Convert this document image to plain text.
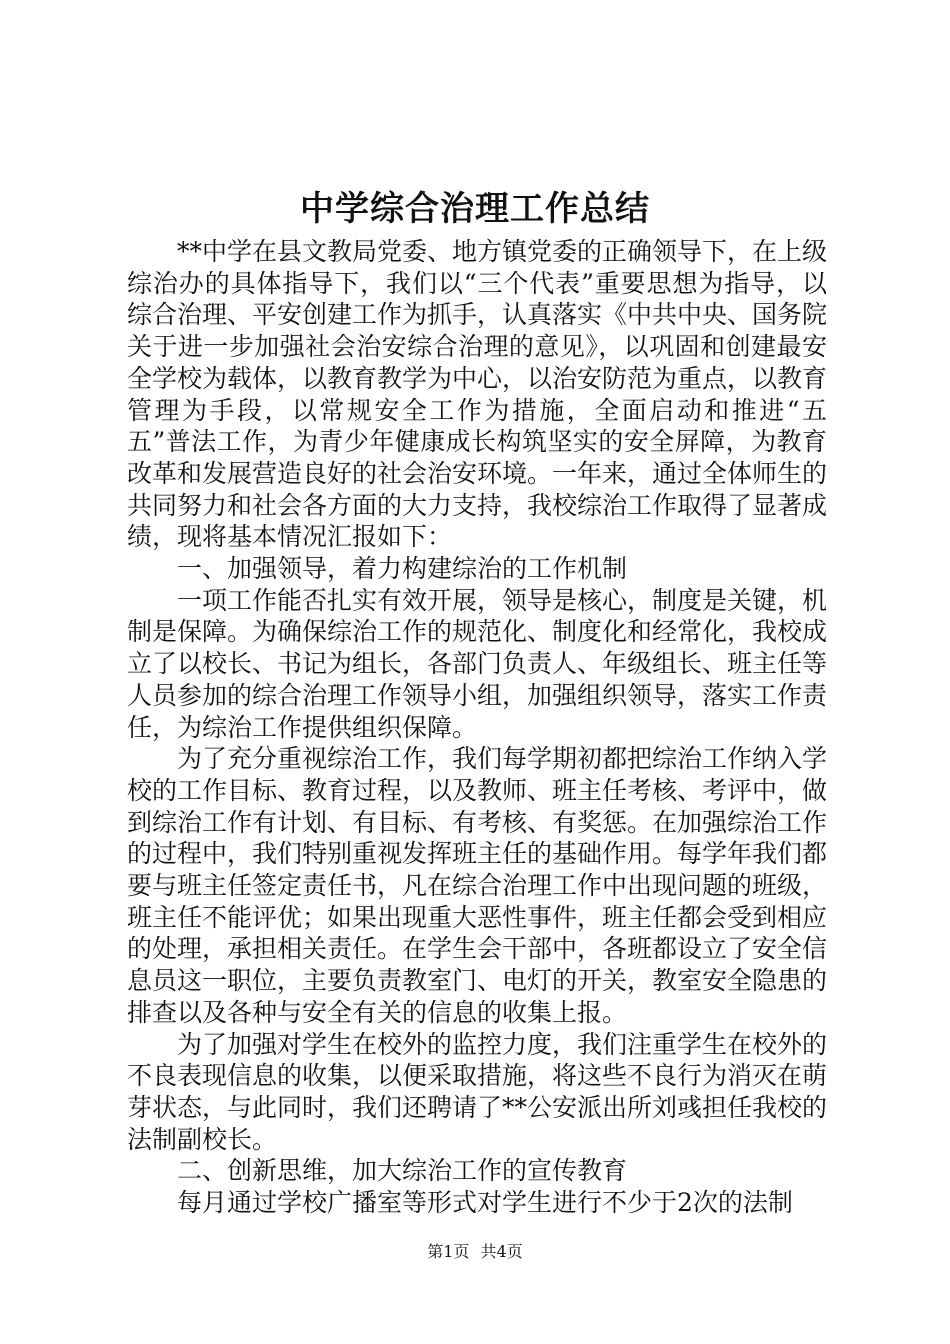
中学综合治理工作总结

**中学在县文教局党委、地方镇党委的正确领导下，在上级综治办的具体指导下，我们以“三个代表”重要思想为指导，以综合治理、平安创建工作为抓手，认真落实《中共中央、国务院关于进一步加强社会治安综合治理的意见》，以巩固和创建最安全学校为载体，以教育教学为中心，以治安防范为重点，以教育管理为手段，以常规安全工作为措施，全面启动和推进“五五”普法工作，为青少年健康成长构筑坚实的安全屏障，为教育改革和发展营造良好的社会治安环境。一年来，通过全体师生的共同努力和社会各方面的大力支持，我校综治工作取得了显著成绩，现将基本情况汇报如下：

一、加强领导，着力构建综治的工作机制

一项工作能否扎实有效开展，领导是核心，制度是关键，机制是保障。为确保综治工作的规范化、制度化和经常化，我校成立了以校长、书记为组长，各部门负责人、年级组长、班主任等人员参加的综合治理工作领导小组，加强组织领导，落实工作责任，为综治工作提供组织保障。

为了充分重视综治工作，我们每学期初都把综治工作纳入学校的工作目标、教育过程，以及教师、班主任考核、考评中，做到综治工作有计划、有目标、有考核、有奖惩。在加强综治工作的过程中，我们特别重视发挥班主任的基础作用。每学年我们都要与班主任签定责任书，凡在综合治理工作中出现问题的班级，班主任不能评优；如果出现重大恶性事件，班主任都会受到相应的处理，承担相关责任。在学生会干部中，各班都设立了安全信息员这一职位，主要负责教室门、电灯的开关，教室安全隐患的排查以及各种与安全有关的信息的收集上报。

为了加强对学生在校外的监控力度，我们注重学生在校外的不良表现信息的收集，以便采取措施，将这些不良行为消灭在萌芽状态，与此同时，我们还聘请了**公安派出所刘彧担任我校的法制副校长。

二、创新思维，加大综治工作的宣传教育

每月通过学校广播室等形式对学生进行不少于2次的法制

第1页 共4页
